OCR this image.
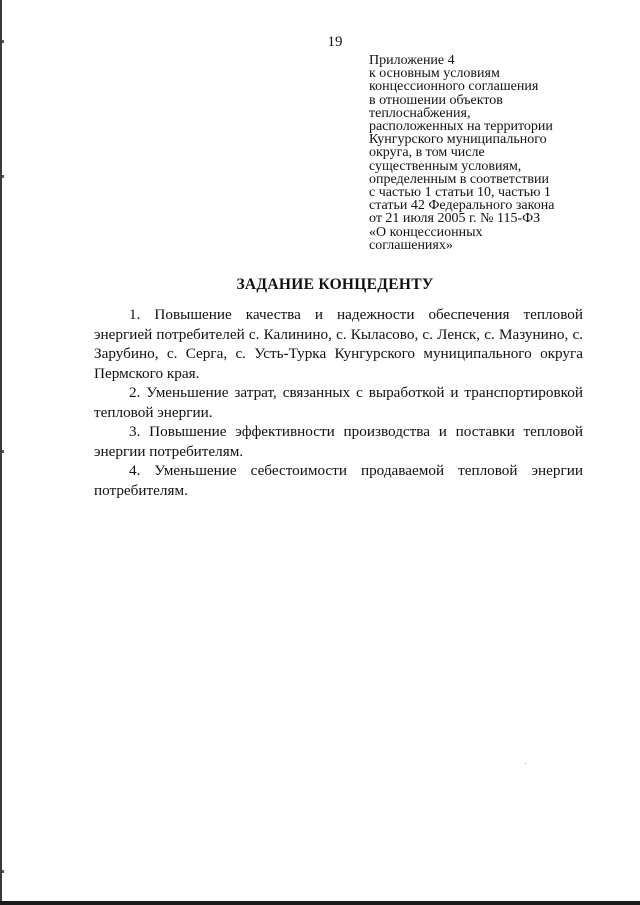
19
Приложение 4
к основным условиям
концессионного соглашения
в отношении объектов
теплоснабжения,
расположенных на территории
Кунгурского муниципального
округа, в том числе
существенным условиям,
определенным в соответствии
с частью 1 статьи 10, частью 1
статьи 42 Федерального закона
от 21 июля 2005 г. № 115-ФЗ
«О концессионных
соглашениях»
ЗАДАНИЕ КОНЦЕДЕНТУ

1. Повышение качества и надежности обеспечения тепловой энергией потребителей с. Калинино, с. Кыласово, с. Ленск, с. Мазунино, с. Зарубино, с. Серга, с. Усть-Турка Кунгурского муниципального округа Пермского края.

2. Уменьшение затрат, связанных с выработкой и транспортировкой тепловой энергии.

3. Повышение эффективности производства и поставки тепловой энергии потребителям.

4. Уменьшение себестоимости продаваемой тепловой энергии потребителям.
